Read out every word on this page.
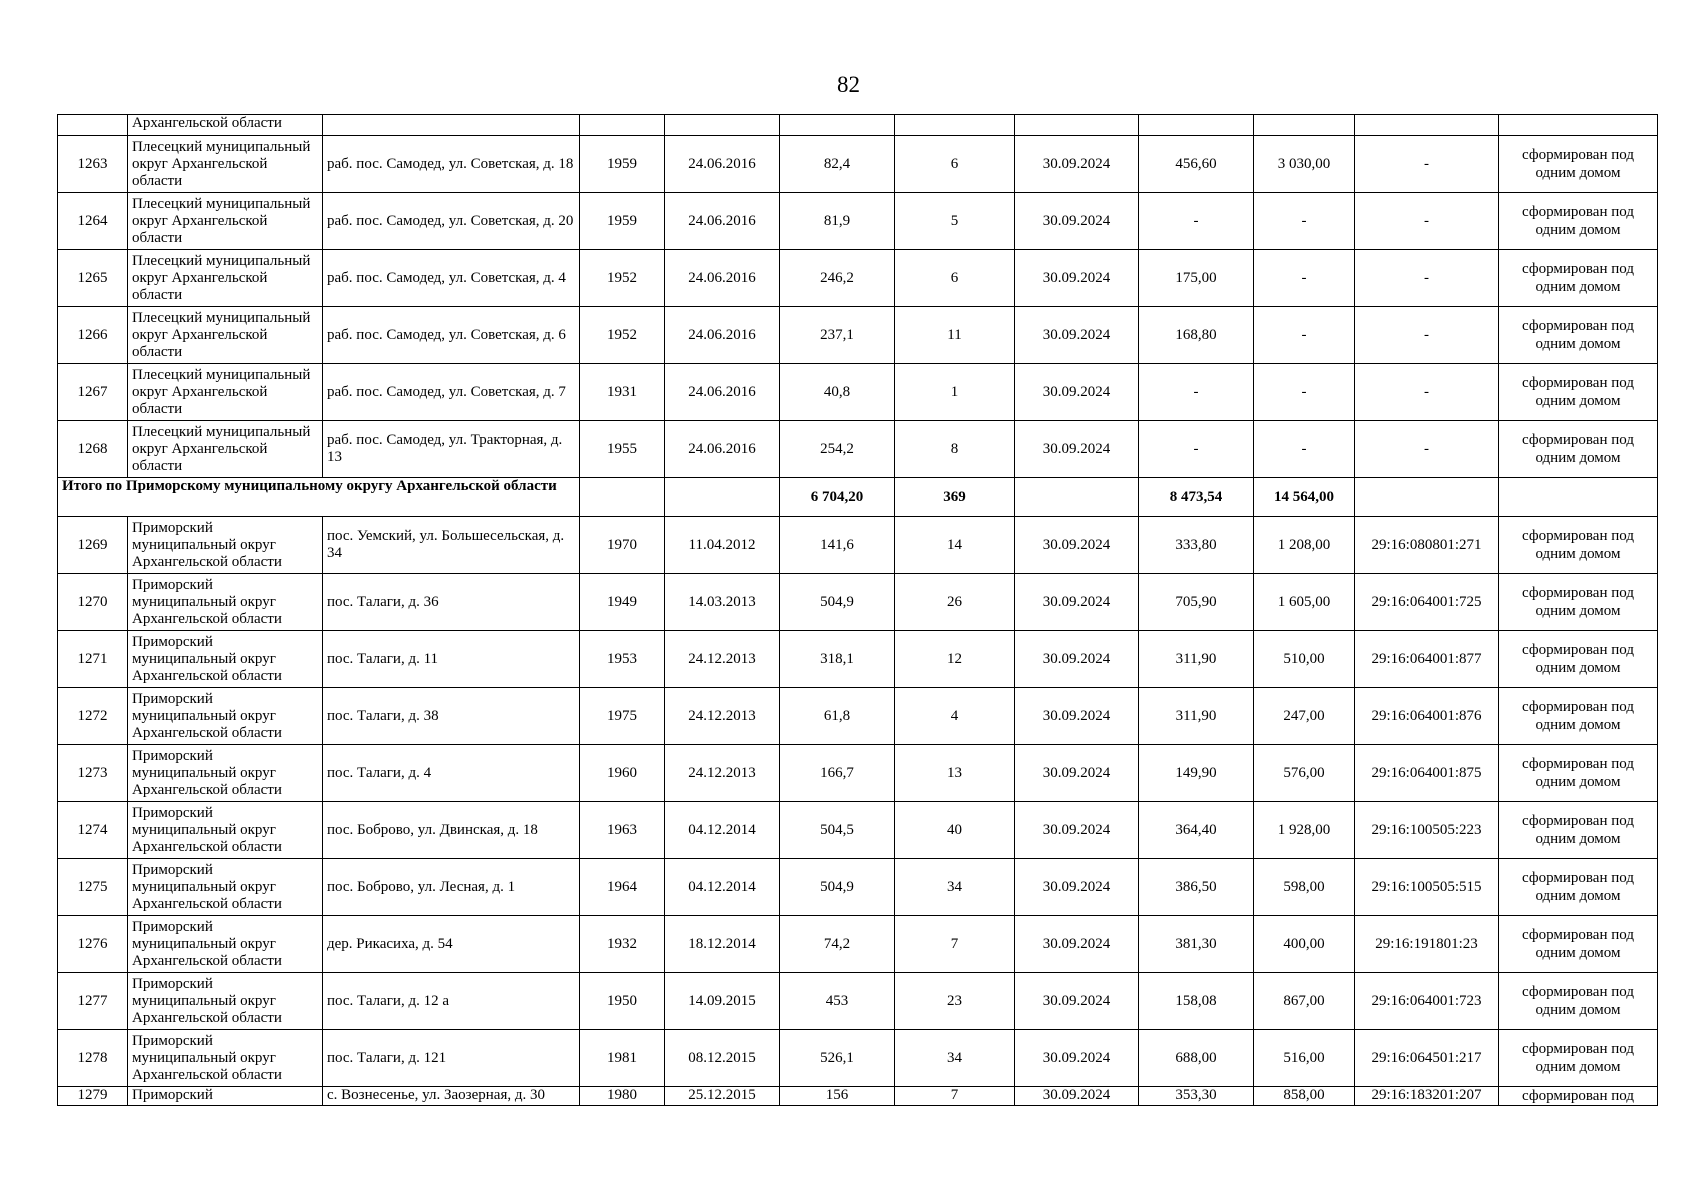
82
	Архангельской области										
1263	Плесецкий муниципальный округ Архангельской области	раб. пос. Самодед, ул. Советская, д. 18	1959	24.06.2016	82,4	6	30.09.2024	456,60	3 030,00	-	сформирован под одним домом
1264	Плесецкий муниципальный округ Архангельской области	раб. пос. Самодед, ул. Советская, д. 20	1959	24.06.2016	81,9	5	30.09.2024	-	-	-	сформирован под одним домом
1265	Плесецкий муниципальный округ Архангельской области	раб. пос. Самодед, ул. Советская, д. 4	1952	24.06.2016	246,2	6	30.09.2024	175,00	-	-	сформирован под одним домом
1266	Плесецкий муниципальный округ Архангельской области	раб. пос. Самодед, ул. Советская, д. 6	1952	24.06.2016	237,1	11	30.09.2024	168,80	-	-	сформирован под одним домом
1267	Плесецкий муниципальный округ Архангельской области	раб. пос. Самодед, ул. Советская, д. 7	1931	24.06.2016	40,8	1	30.09.2024	-	-	-	сформирован под одним домом
1268	Плесецкий муниципальный округ Архангельской области	раб. пос. Самодед, ул. Тракторная, д. 13	1955	24.06.2016	254,2	8	30.09.2024	-	-	-	сформирован под одним домом
Итого по Приморскому муниципальному округу Архангельской области					6 704,20	369		8 473,54	14 564,00		
1269	Приморский муниципальный округ Архангельской области	пос. Уемский, ул. Большесельская, д. 34	1970	11.04.2012	141,6	14	30.09.2024	333,80	1 208,00	29:16:080801:271	сформирован под одним домом
1270	Приморский муниципальный округ Архангельской области	пос. Талаги, д. 36	1949	14.03.2013	504,9	26	30.09.2024	705,90	1 605,00	29:16:064001:725	сформирован под одним домом
1271	Приморский муниципальный округ Архангельской области	пос. Талаги, д. 11	1953	24.12.2013	318,1	12	30.09.2024	311,90	510,00	29:16:064001:877	сформирован под одним домом
1272	Приморский муниципальный округ Архангельской области	пос. Талаги, д. 38	1975	24.12.2013	61,8	4	30.09.2024	311,90	247,00	29:16:064001:876	сформирован под одним домом
1273	Приморский муниципальный округ Архангельской области	пос. Талаги, д. 4	1960	24.12.2013	166,7	13	30.09.2024	149,90	576,00	29:16:064001:875	сформирован под одним домом
1274	Приморский муниципальный округ Архангельской области	пос. Боброво, ул. Двинская, д. 18	1963	04.12.2014	504,5	40	30.09.2024	364,40	1 928,00	29:16:100505:223	сформирован под одним домом
1275	Приморский муниципальный округ Архангельской области	пос. Боброво, ул. Лесная, д. 1	1964	04.12.2014	504,9	34	30.09.2024	386,50	598,00	29:16:100505:515	сформирован под одним домом
1276	Приморский муниципальный округ Архангельской области	дер. Рикасиха, д. 54	1932	18.12.2014	74,2	7	30.09.2024	381,30	400,00	29:16:191801:23	сформирован под одним домом
1277	Приморский муниципальный округ Архангельской области	пос. Талаги, д. 12 а	1950	14.09.2015	453	23	30.09.2024	158,08	867,00	29:16:064001:723	сформирован под одним домом
1278	Приморский муниципальный округ Архангельской области	пос. Талаги, д. 121	1981	08.12.2015	526,1	34	30.09.2024	688,00	516,00	29:16:064501:217	сформирован под одним домом
1279	Приморский	с. Вознесенье, ул. Заозерная, д. 30	1980	25.12.2015	156	7	30.09.2024	353,30	858,00	29:16:183201:207	сформирован под
